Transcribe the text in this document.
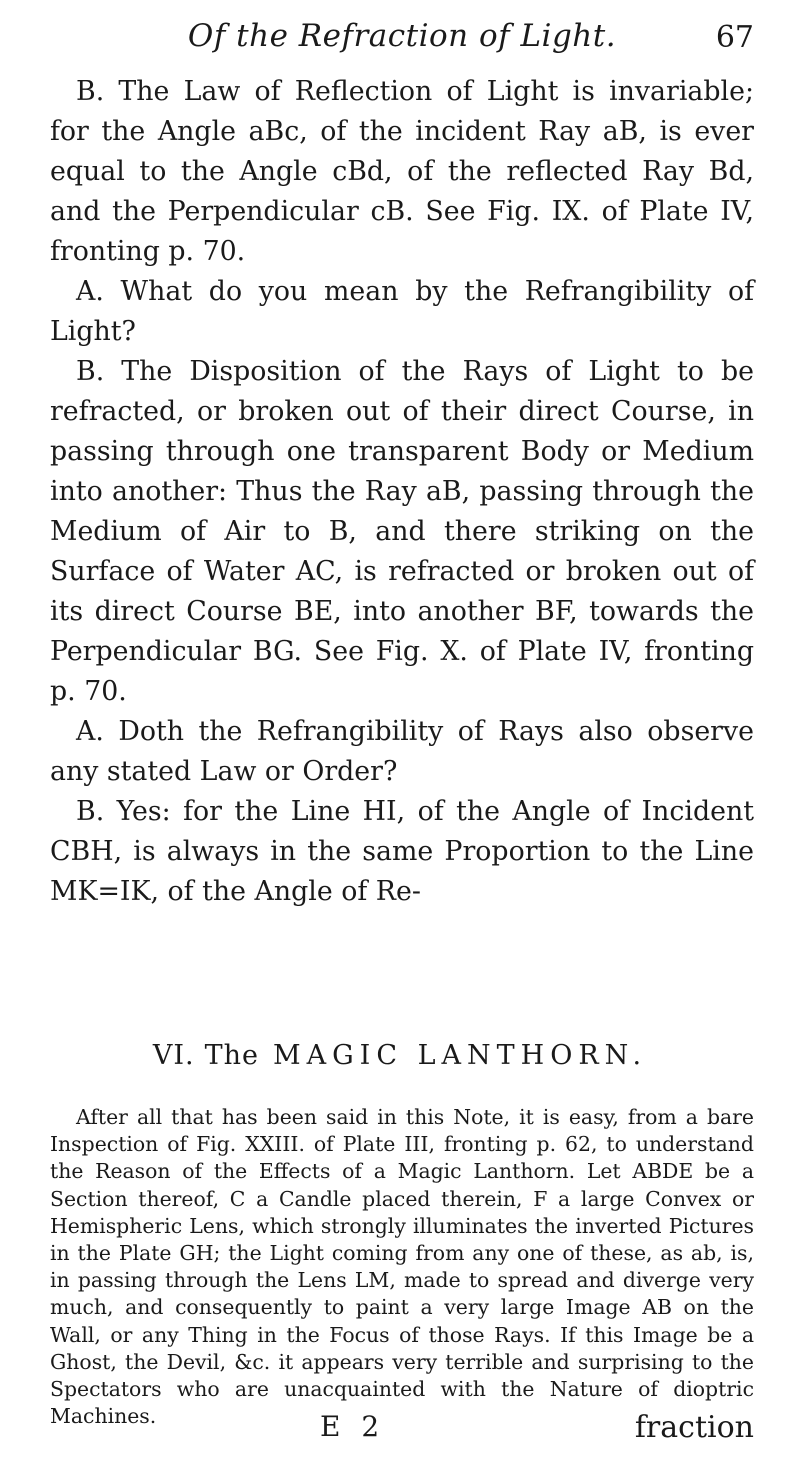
Of the Refraction of Light.	67

B. The Law of Reflection of Light is invariable; for the Angle aBc, of the incident Ray aB, is ever equal to the Angle cBd, of the reflected Ray Bd, and the Perpendicular cB. See Fig. IX. of Plate IV, fronting p. 70.

A. What do you mean by the Refrangibility of Light?

B. The Disposition of the Rays of Light to be refracted, or broken out of their direct Course, in passing through one transparent Body or Medium into another: Thus the Ray aB, passing through the Medium of Air to B, and there striking on the Surface of Water AC, is refracted or broken out of its direct Course BE, into another BF, towards the Perpendicular BG. See Fig. X. of Plate IV, fronting p. 70.

A. Doth the Refrangibility of Rays also observe any stated Law or Order?

B. Yes: for the Line HI, of the Angle of Incident CBH, is always in the same Proportion to the Line MK=IK, of the Angle of Re-

VI. The MAGIC LANTHORN.

After all that has been said in this Note, it is easy, from a bare Inspection of Fig. XXIII. of Plate III, fronting p. 62, to understand the Reason of the Effects of a Magic Lanthorn. Let ABDE be a Section thereof, C a Candle placed therein, F a large Convex or Hemispheric Lens, which strongly illuminates the inverted Pictures in the Plate GH; the Light coming from any one of these, as ab, is, in passing through the Lens LM, made to spread and diverge very much, and consequently to paint a very large Image AB on the Wall, or any Thing in the Focus of those Rays. If this Image be a Ghost, the Devil, &c. it appears very terrible and surprising to the Spectators who are unacquainted with the Nature of dioptric Machines.	E 2	fraction
